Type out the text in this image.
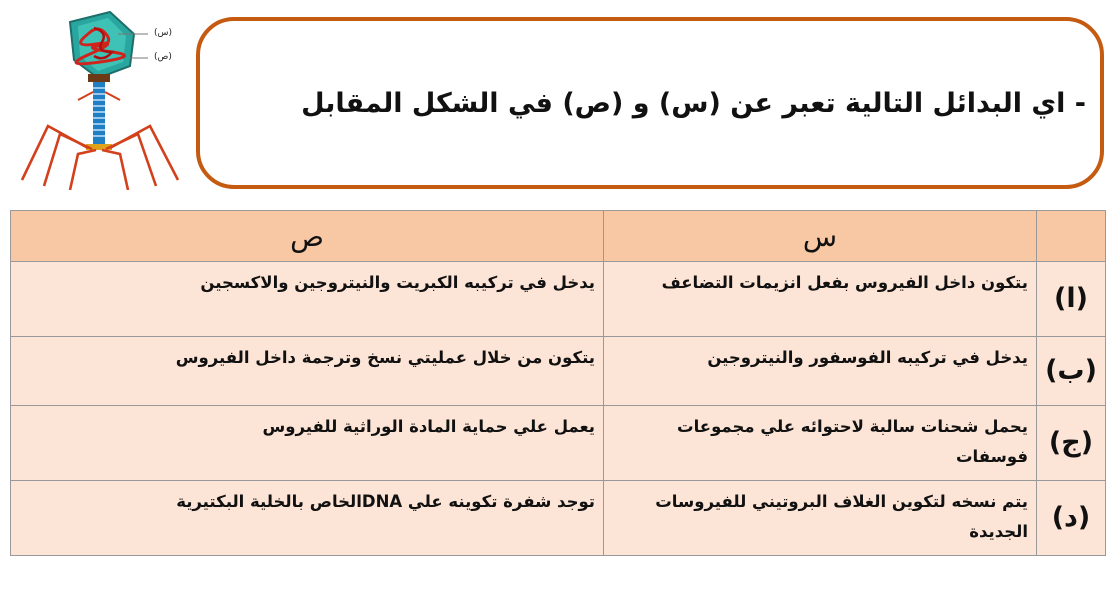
(س)
(ص)
- اي البدائل التالية تعبر عن (س) و (ص) في الشكل المقابل
	س	ص
(ا)	يتكون داخل الفيروس بفعل انزيمات التضاعف	يدخل في تركيبه الكبريت والنيتروجين والاكسجين
(ب)	يدخل في تركيبه الفوسفور والنيتروجين	يتكون من خلال عمليتي نسخ وترجمة داخل الفيروس
(ج)	يحمل شحنات سالبة لاحتوائه علي مجموعات فوسفات	يعمل علي حماية المادة الوراثية للفيروس
(د)	يتم نسخه لتكوين الغلاف البروتيني للفيروسات الجديدة	توجد شفرة تكوينه علي DNAالخاص بالخلية البكتيرية
